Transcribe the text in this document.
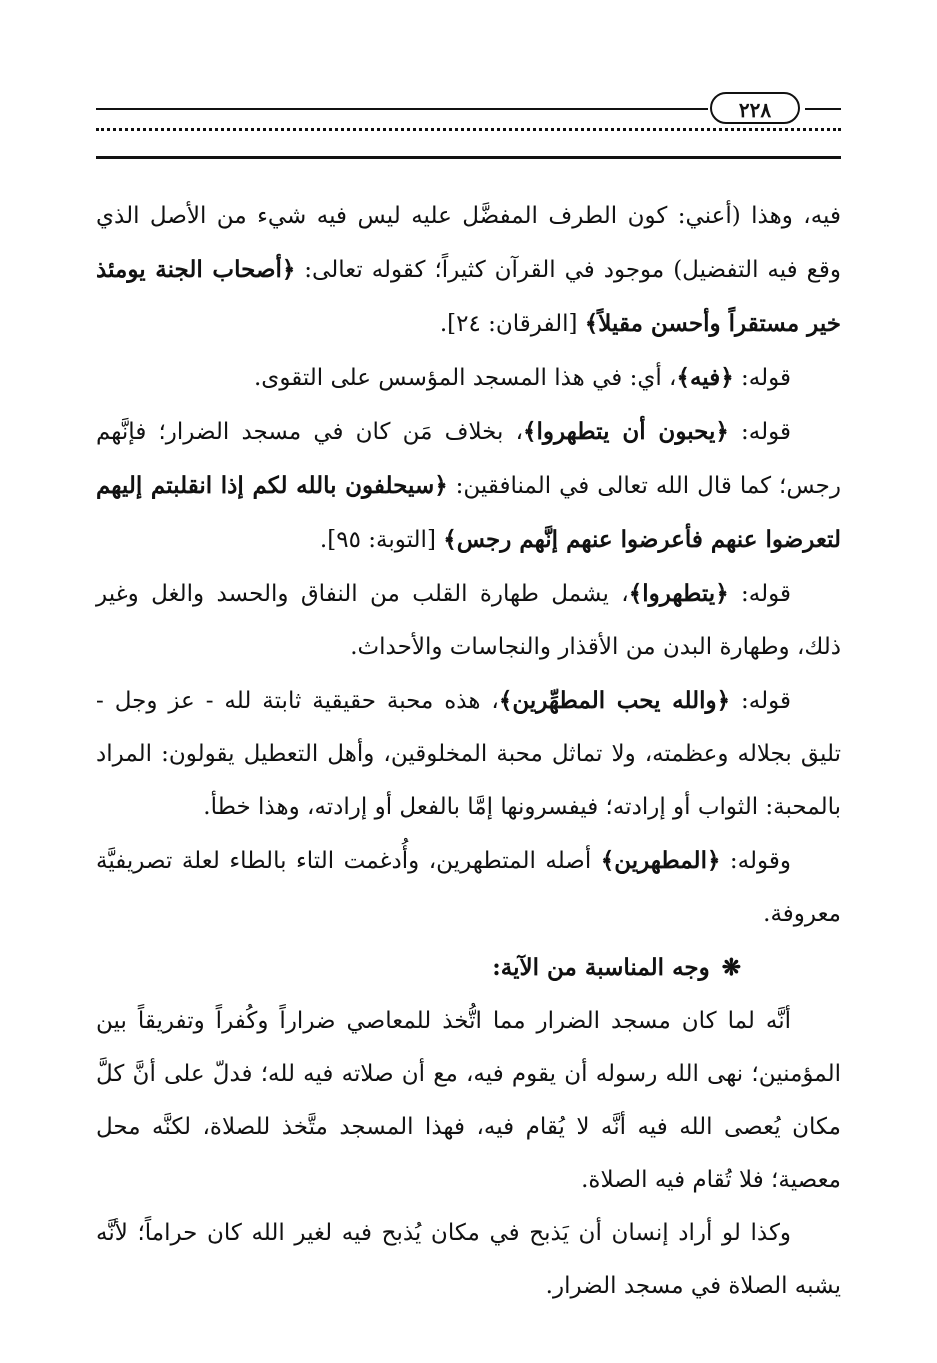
٢٢٨

فيه، وهذا (أعني: كون الطرف المفضَّل عليه ليس فيه شيء من الأصل الذي وقع فيه التفضيل) موجود في القرآن كثيراً؛ كقوله تعالى: ﴿أصحاب الجنة يومئذ خير مستقراً وأحسن مقيلاً﴾ [الفرقان: ٢٤].

قوله: ﴿فيه﴾، أي: في هذا المسجد المؤسس على التقوى.

قوله: ﴿يحبون أن يتطهروا﴾، بخلاف مَن كان في مسجد الضرار؛ فإنَّهم رجس؛ كما قال الله تعالى في المنافقين: ﴿سيحلفون بالله لكم إذا انقلبتم إليهم لتعرضوا عنهم فأعرضوا عنهم إنَّهم رجس﴾ [التوبة: ٩٥].

قوله: ﴿يتطهروا﴾، يشمل طهارة القلب من النفاق والحسد والغل وغير ذلك، وطهارة البدن من الأقذار والنجاسات والأحداث.

قوله: ﴿والله يحب المطهِّرين﴾، هذه محبة حقيقية ثابتة لله - عز وجل - تليق بجلاله وعظمته، ولا تماثل محبة المخلوقين، وأهل التعطيل يقولون: المراد بالمحبة: الثواب أو إرادته؛ فيفسرونها إمَّا بالفعل أو إرادته، وهذا خطأ.

وقوله: ﴿المطهرين﴾ أصله المتطهرين، وأُدغمت التاء بالطاء لعلة تصريفيَّة معروفة.

❋وجه المناسبة من الآية:

أنَّه لما كان مسجد الضرار مما اتُّخذ للمعاصي ضراراً وكُفراً وتفريقاً بين المؤمنين؛ نهى الله رسوله أن يقوم فيه، مع أن صلاته فيه لله؛ فدلّ على أنَّ كلَّ مكان يُعصى الله فيه أنَّه لا يُقام فيه، فهذا المسجد متَّخذ للصلاة، لكنَّه محل معصية؛ فلا تُقام فيه الصلاة.

وكذا لو أراد إنسان أن يَذبح في مكان يُذبح فيه لغير الله كان حراماً؛ لأنَّه يشبه الصلاة في مسجد الضرار.
